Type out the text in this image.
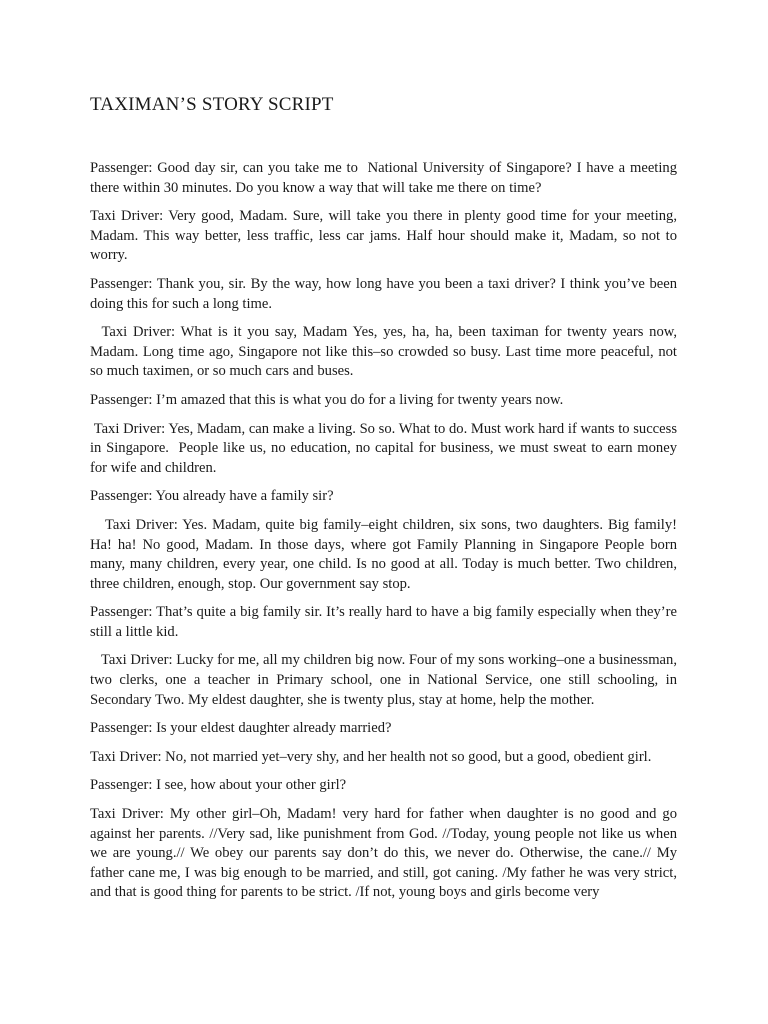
TAXIMAN’S STORY SCRIPT

Passenger: Good day sir, can you take me to  National University of Singapore? I have a meeting there within 30 minutes. Do you know a way that will take me there on time?

Taxi Driver: Very good, Madam. Sure, will take you there in plenty good time for your meeting, Madam. This way better, less traffic, less car jams. Half hour should make it, Madam, so not to worry.

Passenger: Thank you, sir. By the way, how long have you been a taxi driver? I think you’ve been doing this for such a long time.

Taxi Driver: What is it you say, Madam Yes, yes, ha, ha, been taximan for twenty years now, Madam. Long time ago, Singapore not like this–so crowded so busy. Last time more peaceful, not so much taximen, or so much cars and buses.

Passenger: I’m amazed that this is what you do for a living for twenty years now.

Taxi Driver: Yes, Madam, can make a living. So so. What to do. Must work hard if wants to success in Singapore.  People like us, no education, no capital for business, we must sweat to earn money for wife and children.

Passenger: You already have a family sir?

Taxi Driver: Yes. Madam, quite big family–eight children, six sons, two daughters. Big family! Ha! ha! No good, Madam. In those days, where got Family Planning in Singapore People born many, many children, every year, one child. Is no good at all. Today is much better. Two children, three children, enough, stop. Our government say stop.

Passenger: That’s quite a big family sir. It’s really hard to have a big family especially when they’re still a little kid.

Taxi Driver: Lucky for me, all my children big now. Four of my sons working–one a businessman, two clerks, one a teacher in Primary school, one in National Service, one still schooling, in Secondary Two. My eldest daughter, she is twenty plus, stay at home, help the mother.

Passenger: Is your eldest daughter already married?

Taxi Driver: No, not married yet–very shy, and her health not so good, but a good, obedient girl.

Passenger: I see, how about your other girl?

Taxi Driver: My other girl–Oh, Madam! very hard for father when daughter is no good and go against her parents. //Very sad, like punishment from God. //Today, young people not like us when we are young.// We obey our parents say don’t do this, we never do. Otherwise, the cane.// My father cane me, I was big enough to be married, and still, got caning. /My father he was very strict, and that is good thing for parents to be strict. /If not, young boys and girls become very
